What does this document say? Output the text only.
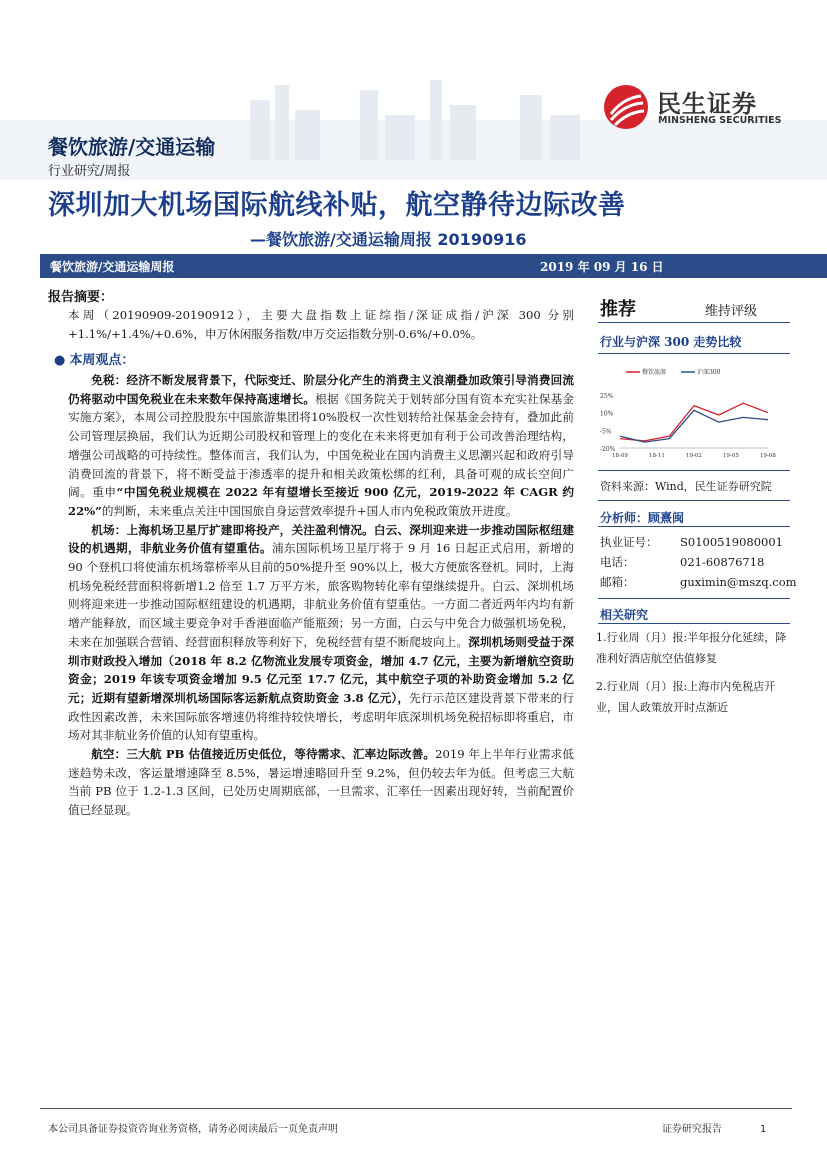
民生证券
MINSHENG SECURITIES
餐饮旅游/交通运输
行业研究/周报
深圳加大机场国际航线补贴，航空静待边际改善
—餐饮旅游/交通运输周报 20190916
餐饮旅游/交通运输周报	2019 年 09 月 16 日
报告摘要：
本周（20190909-20190912），主要大盘指数上证综指/深证成指/沪深 300 分别+1.1%/+1.4%/+0.6%，申万休闲服务指数/申万交运指数分别-0.6%/+0.0%。
● 本周观点：

免税：经济不断发展背景下，代际变迁、阶层分化产生的消费主义浪潮叠加政策引导消费回流仍将驱动中国免税业在未来数年保持高速增长。根据《国务院关于划转部分国有资本充实社保基金实施方案》，本周公司控股股东中国旅游集团将10%股权一次性划转给社保基金会持有，叠加此前公司管理层换届，我们认为近期公司股权和管理上的变化在未来将更加有利于公司改善治理结构，增强公司战略的可持续性。整体而言，我们认为，中国免税业在国内消费主义思潮兴起和政府引导消费回流的背景下，将不断受益于渗透率的提升和相关政策松绑的红利，具备可观的成长空间广阔。重申“中国免税业规模在 2022 年有望增长至接近 900 亿元，2019-2022 年 CAGR 约 22%”的判断，未来重点关注中国国旅自身运营效率提升+国人市内免税政策放开进度。

机场：上海机场卫星厅扩建即将投产，关注盈利情况。白云、深圳迎来进一步推动国际枢纽建设的机遇期，非航业务价值有望重估。浦东国际机场卫星厅将于 9 月 16 日起正式启用，新增的 90 个登机口将使浦东机场靠桥率从目前的50%提升至 90%以上，极大方便旅客登机。同时，上海机场免税经营面积将新增1.2 倍至 1.7 万平方米，旅客购物转化率有望继续提升。白云、深圳机场则将迎来进一步推动国际枢纽建设的机遇期，非航业务价值有望重估。一方面二者近两年内均有新增产能释放，而区域主要竞争对手香港面临产能瓶颈；另一方面，白云与中免合力做强机场免税，未来在加强联合营销、经营面积释放等利好下，免税经营有望不断爬坡向上。深圳机场则受益于深圳市财政投入增加（2018 年 8.2 亿物流业发展专项资金，增加 4.7 亿元，主要为新增航空资助资金；2019 年该专项资金增加 9.5 亿元至 17.7 亿元，其中航空子项的补助资金增加 5.2 亿元；近期有望新增深圳机场国际客运新航点资助资金 3.8 亿元），先行示范区建设背景下带来的行政性因素改善，未来国际旅客增速仍将维持较快增长，考虑明年底深圳机场免税招标即将重启，市场对其非航业务价值的认知有望重构。

航空：三大航 PB 估值接近历史低位，等待需求、汇率边际改善。2019 年上半年行业需求低迷趋势未改，客运量增速降至 8.5%，暑运增速略回升至 9.2%，但仍较去年为低。但考虑三大航当前 PB 位于 1.2-1.3 区间，已处历史周期底部，一旦需求、汇率任一因素出现好转，当前配置价值已经显现。

推荐	维持评级
行业与沪深 300 走势比较
25%
10%
-5%
-20%
18-09	18-11	19-02	19-05	19-08
餐饮旅游	沪深300
资料来源：Wind，民生证券研究院
分析师：顾熹闽
执业证号： S0100519080001
电话：	021-60876718
邮箱：	guximin@mszq.com
相关研究

1.行业周（月）报:半年报分化延续，降准利好酒店航空估值修复

2.行业周（月）报:上海市内免税店开业，国人政策放开时点渐近

本公司具备证券投资咨询业务资格，请务必阅读最后一页免责声明	证券研究报告	1
